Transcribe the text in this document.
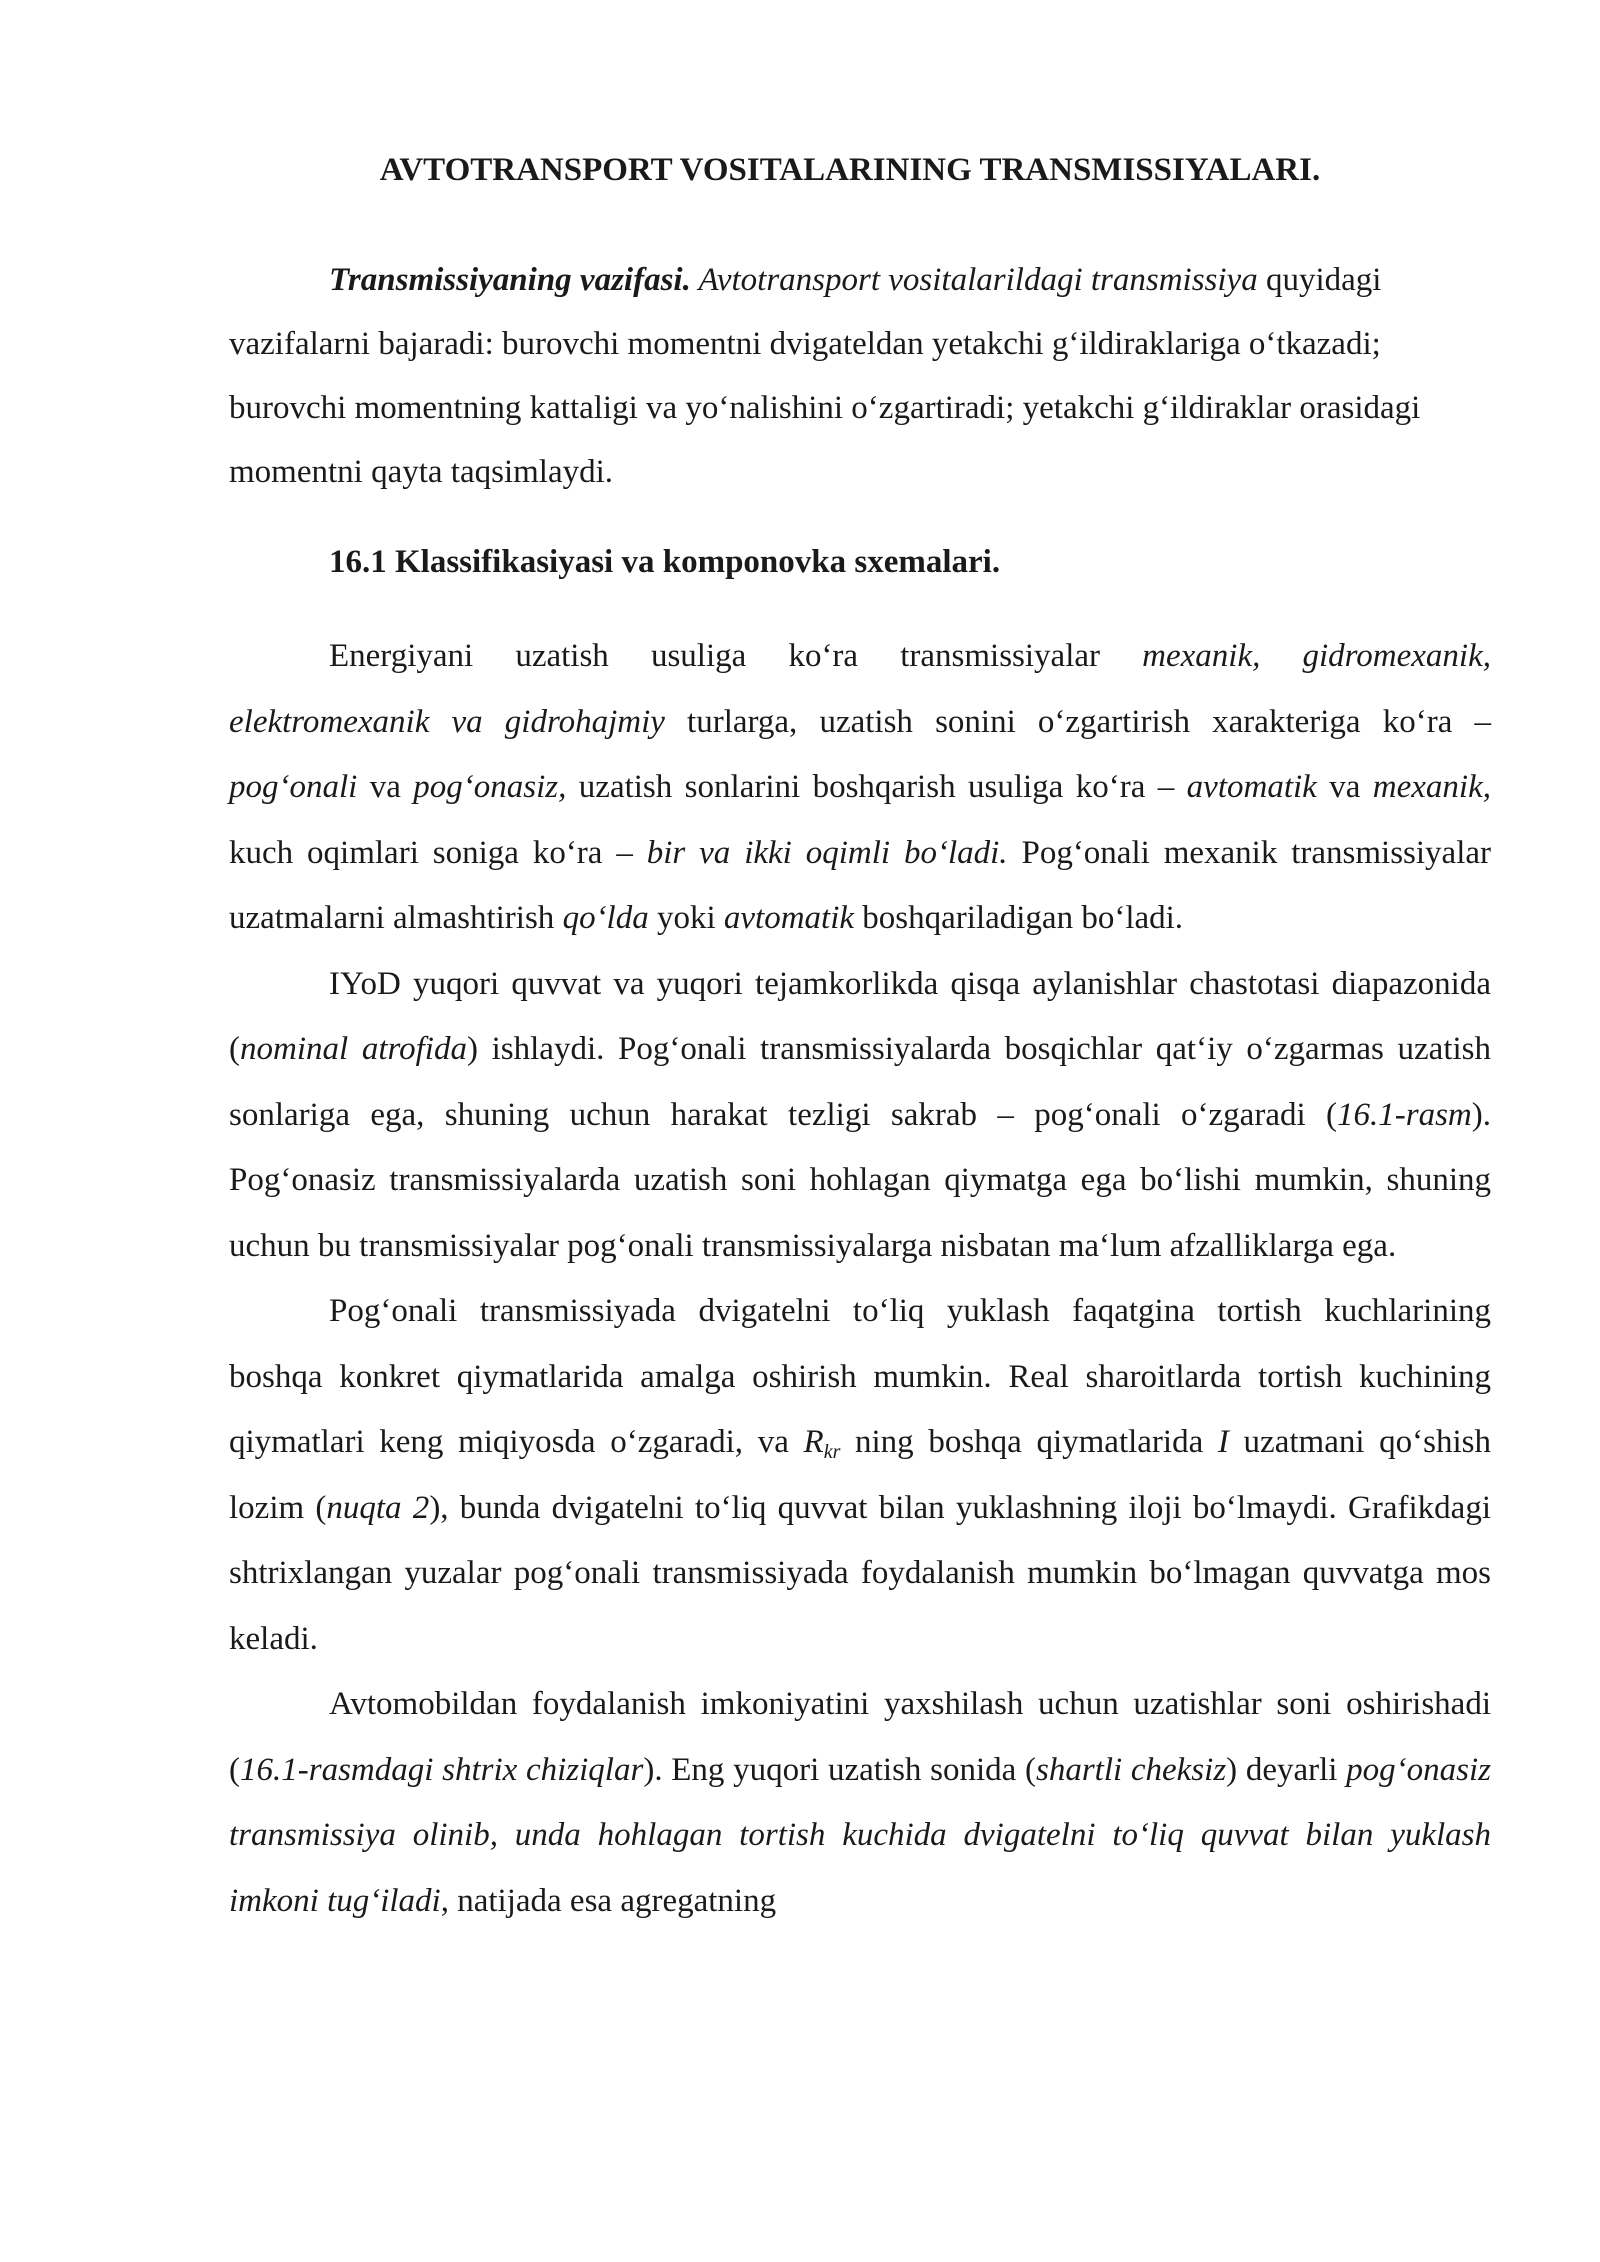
AVTOTRANSPORT VOSITALARINING TRANSMISSIYALARI.

Transmissiyaning vazifasi. Avtotransport vositalarildagi transmissiya quyidagi vazifalarni bajaradi: burovchi momentni dvigateldan yetakchi g‘ildiraklariga o‘tkazadi; burovchi momentning kattaligi va yo‘nalishini o‘zgartiradi; yetakchi g‘ildiraklar orasidagi momentni qayta taqsimlaydi.

16.1 Klassifikasiyasi va komponovka sxemalari.

Energiyani uzatish usuliga ko‘ra transmissiyalar mexanik, gidromexanik, elektromexanik va gidrohajmiy turlarga, uzatish sonini o‘zgartirish xarakteriga ko‘ra – pog‘onali va pog‘onasiz, uzatish sonlarini boshqarish usuliga ko‘ra – avtomatik va mexanik, kuch oqimlari soniga ko‘ra – bir va ikki oqimli bo‘ladi. Pog‘onali mexanik transmissiyalar uzatmalarni almashtirish qo‘lda yoki avtomatik boshqariladigan bo‘ladi.

IYoD yuqori quvvat va yuqori tejamkorlikda qisqa aylanishlar chastotasi diapazonida (nominal atrofida) ishlaydi. Pog‘onali transmissiyalarda bosqichlar qat‘iy o‘zgarmas uzatish sonlariga ega, shuning uchun harakat tezligi sakrab – pog‘onali o‘zgaradi (16.1-rasm). Pog‘onasiz transmissiyalarda uzatish soni hohlagan qiymatga ega bo‘lishi mumkin, shuning uchun bu transmissiyalar pog‘onali transmissiyalarga nisbatan ma‘lum afzalliklarga ega.

Pog‘onali transmissiyada dvigatelni to‘liq yuklash faqatgina tortish kuchlarining boshqa konkret qiymatlarida amalga oshirish mumkin. Real sharoitlarda tortish kuchining qiymatlari keng miqiyosda o‘zgaradi, va $R_{kr}$ ning boshqa qiymatlarida I uzatmani qo‘shish lozim (nuqta 2), bunda dvigatelni to‘liq quvvat bilan yuklashning iloji bo‘lmaydi. Grafikdagi shtrixlangan yuzalar pog‘onali transmissiyada foydalanish mumkin bo‘lmagan quvvatga mos keladi.

Avtomobildan foydalanish imkoniyatini yaxshilash uchun uzatishlar soni oshirishadi (16.1-rasmdagi shtrix chiziqlar). Eng yuqori uzatish sonida (shartli cheksiz) deyarli pog‘onasiz transmissiya olinib, unda hohlagan tortish kuchida dvigatelni to‘liq quvvat bilan yuklash imkoni tug‘iladi, natijada esa agregatning
